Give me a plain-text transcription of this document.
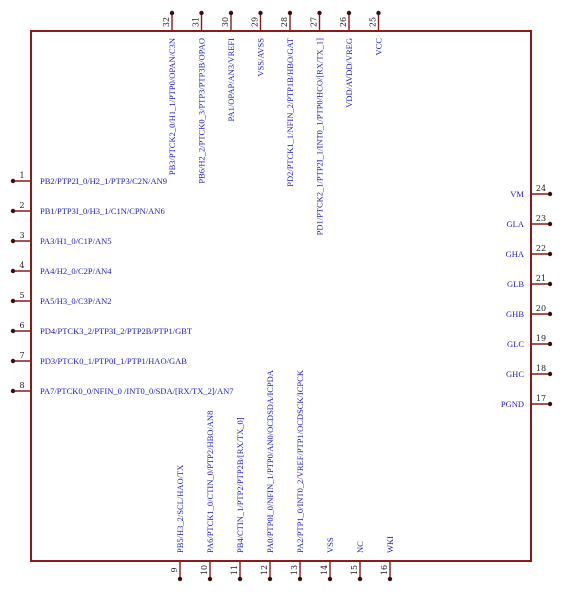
1
PB2/PTP2I_0/H2_1/PTP3/C2N/AN9
2
PB1/PTP3I_0/H3_1/C1N/CPN/AN6
3
PA3/H1_0/C1P/AN5
4
PA4/H2_0/C2P/AN4
5
PA5/H3_0/C3P/AN2
6
PD4/PTCK3_2/PTP3I_2/PTP2B/PTP1/GBT
7
PD3/PTCK0_1/PTP0I_1/PTP1/HAO/GAB
8
PA7/PTCK0_0/NFIN_0 /INT0_0/SDA/[RX/TX_2]/AN7
24
VM
23
GLA
22
GHA
21
GLB
20
GHB
19
GLC
18
GHC
17
PGND
32
PB3/PTCK2_0/H1_1/PTP0/OPAN/C3N
31
PB6/H2_2/PTCK0_3/PTP3/PTP3B/OPAO
30
PA1/OPAP/AN3/VREFI
29
VSS/AVSS
28
PD2/PTCK1_1/NFIN_2/PTP1B/HBO/GAT
27
PD1/PTCK2_1/PTP2I_1/INT0_1/PTP0/HCO/[RX/TX_1]
26
VDD/AVDD/VREG
25
VCC
9
PB5/H3_2/SCL/HAO/TX
10
PA6/PTCK1_0/CTIN_0/PTP2/HBO/AN8
11
PB4/CTIN_1/PTP2/PTP2B/[RX/TX_0]
12
PA0/PTP0I_0/NFIN_1/PTP0/AN0/OCDSDA/ICPDA
13
PA2/PTP1_0/INT0_2/VREF/PTP1/OCDSCK/ICPCK
14
VSS
15
NC
16
WKI
